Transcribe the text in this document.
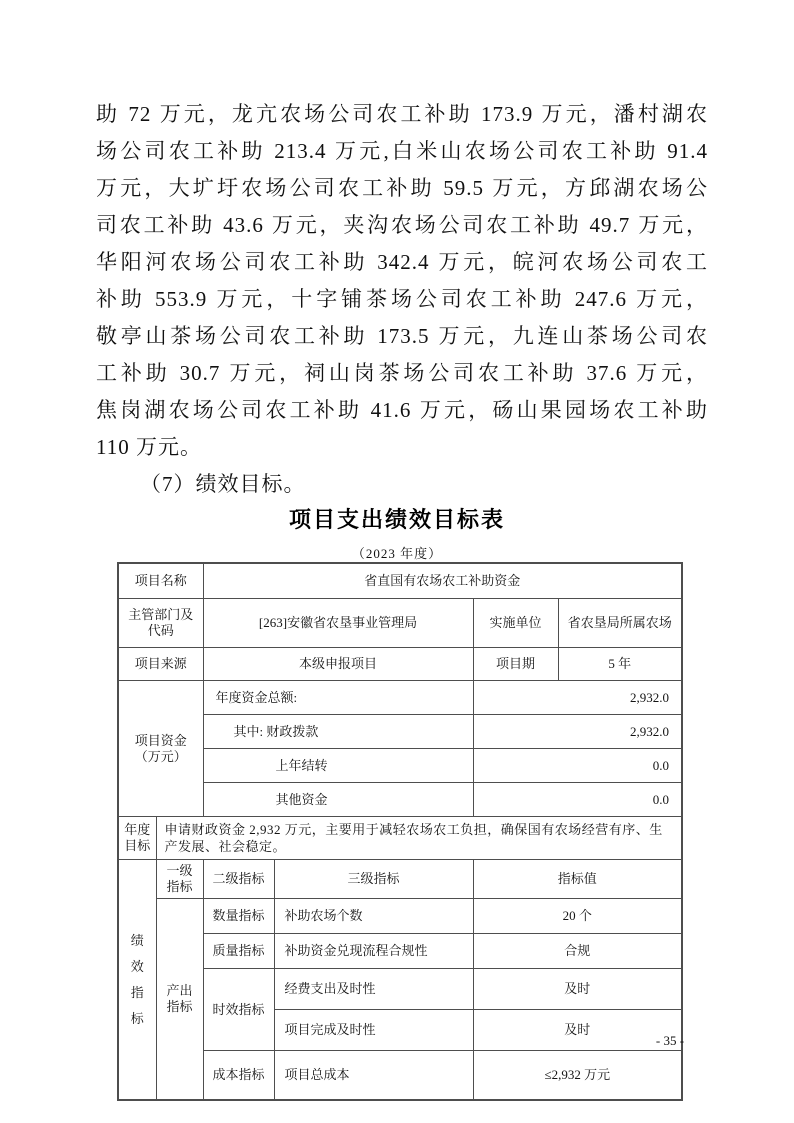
助 72 万元，龙亢农场公司农工补助 173.9 万元，潘村湖农
场公司农工补助 213.4 万元,白米山农场公司农工补助 91.4
万元，大圹圩农场公司农工补助 59.5 万元，方邱湖农场公
司农工补助 43.6 万元，夹沟农场公司农工补助 49.7 万元，
华阳河农场公司农工补助 342.4 万元，皖河农场公司农工
补助 553.9 万元，十字铺茶场公司农工补助 247.6 万元，
敬亭山茶场公司农工补助 173.5 万元，九连山茶场公司农
工补助 30.7 万元，祠山岗茶场公司农工补助 37.6 万元，
焦岗湖农场公司农工补助 41.6 万元，砀山果园场农工补助
110 万元。
（7）绩效目标。
项目支出绩效目标表
（2023 年度）
项目名称		省直国有农场农工补助资金			

主管部门及
代码		[263]安徽省农垦事业管理局		实施单位	省农垦局所属农场
项目来源		本级申报项目		项目期	5 年

项目资金
（万元）		年度资金总额:		2,932.0	
		其中: 财政拨款		2,932.0	
		上年结转		0.0	
		其他资金		0.0	

年度
目标	申请财政资金 2,932 万元，主要用于减轻农场农工负担，确保国有农场经营有序、生产发展、社会稳定。				

绩
效
指
标

一级
指标
	二级指标	三级指标	指标值

	产出
指标	数量指标	补助农场个数	20 个	
		质量指标	补助资金兑现流程合规性	合规	
		时效指标	经费支出及时性	及时	
			项目完成及时性	及时	
		成本指标	项目总成本	≤2,932 万元	
- 35 -
